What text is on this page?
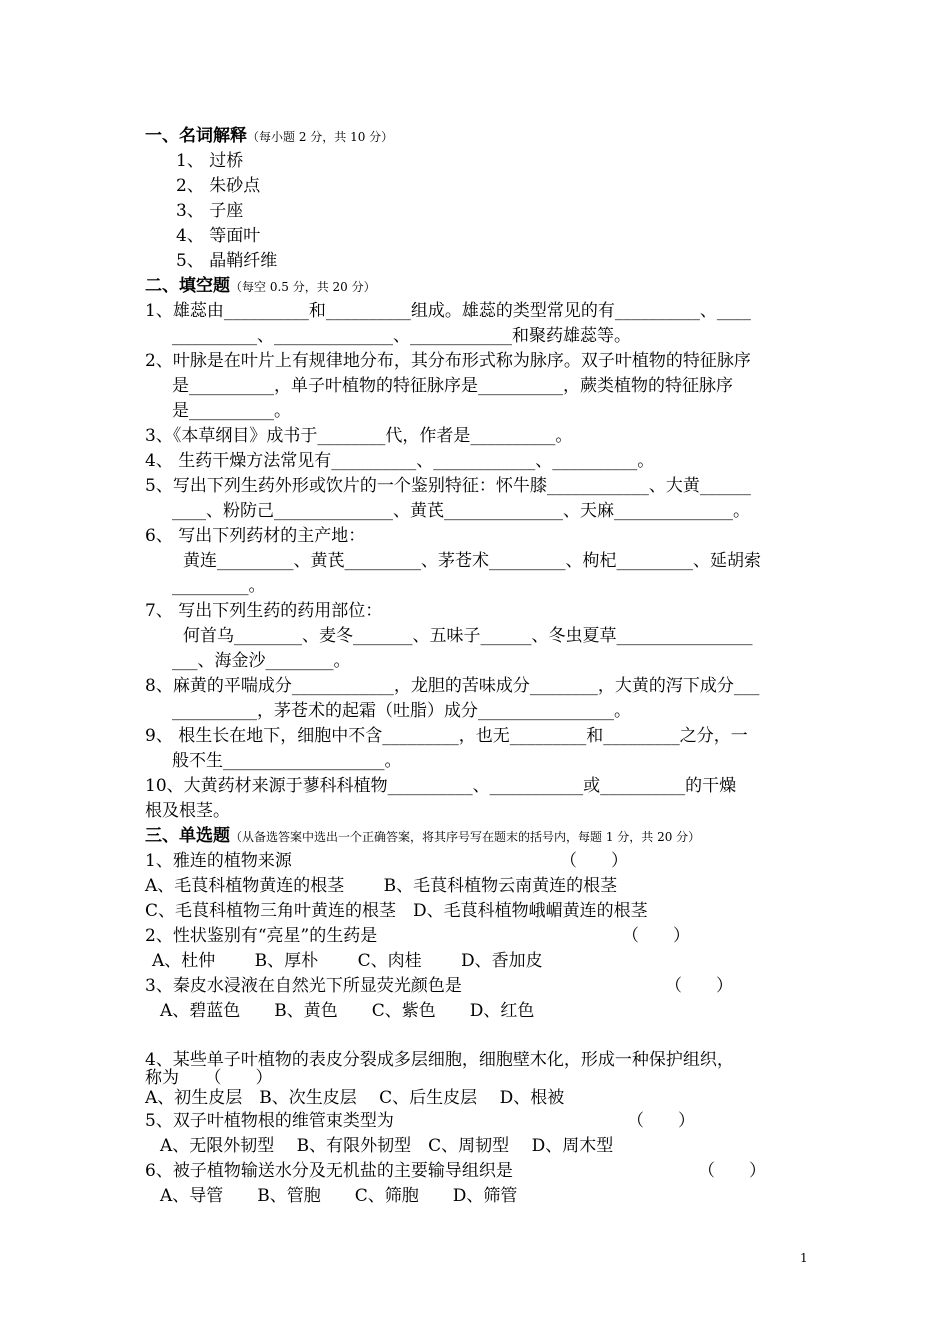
一、名词解释（每小题 2 分，共 10 分）
1、 过桥
2、 朱砂点
3、 子座
4、 等面叶
5、 晶鞘纤维
二、填空题（每空 0.5 分，共 20 分）
1、雄蕊由__________和__________组成。雄蕊的类型常见的有__________、____
__________、______________、____________和聚药雄蕊等。
2、叶脉是在叶片上有规律地分布，其分布形式称为脉序。双子叶植物的特征脉序
是__________，单子叶植物的特征脉序是__________，蕨类植物的特征脉序
是__________。
3、《本草纲目》成书于________代，作者是__________。
4、 生药干燥方法常见有__________、____________、__________。
5、写出下列生药外形或饮片的一个鉴别特征：怀牛膝____________、大黄______
____、粉防己______________、黄芪______________、天麻______________。
6、 写出下列药材的主产地：
黄连_________、黄芪_________、茅苍术_________、枸杞_________、延胡索
_________。
7、 写出下列生药的药用部位：
何首乌________、麦冬_______、五味子______、冬虫夏草________________
___、海金沙________。
8、麻黄的平喘成分____________，龙胆的苦味成分________，大黄的泻下成分___
__________，茅苍术的起霜（吐脂）成分________________。
9、 根生长在地下，细胞中不含_________，也无_________和_________之分，一
般不生___________________。
10、大黄药材来源于蓼科科植物__________、___________或__________的干燥
根及根茎。
三、单选题（从备选答案中选出一个正确答案，将其序号写在题末的括号内，每题 1 分，共 20 分）
1、雅连的植物来源	（　　）
A、毛茛科植物黄连的根茎　　 B、毛茛科植物云南黄连的根茎
C、毛茛科植物三角叶黄连的根茎　D、毛茛科植物峨嵋黄连的根茎
2、性状鉴别有“亮星”的生药是	（　　）
A、杜仲　　 B、厚朴　　 C、肉桂　　 D、香加皮
3、秦皮水浸液在自然光下所显荧光颜色是	（　　）
A、碧蓝色　　B、黄色　　C、紫色　　D、红色
4、某些单子叶植物的表皮分裂成多层细胞，细胞壁木化，形成一种保护组织，
称为　　（　　）
A、初生皮层　B、次生皮层　 C、后生皮层　 D、根被
5、双子叶植物根的维管束类型为	（　　）
A、无限外韧型　 B、有限外韧型　C、周韧型　 D、周木型
6、被子植物输送水分及无机盐的主要输导组织是	（　　）
A、导管　　B、管胞　　C、筛胞　　D、筛管
1
